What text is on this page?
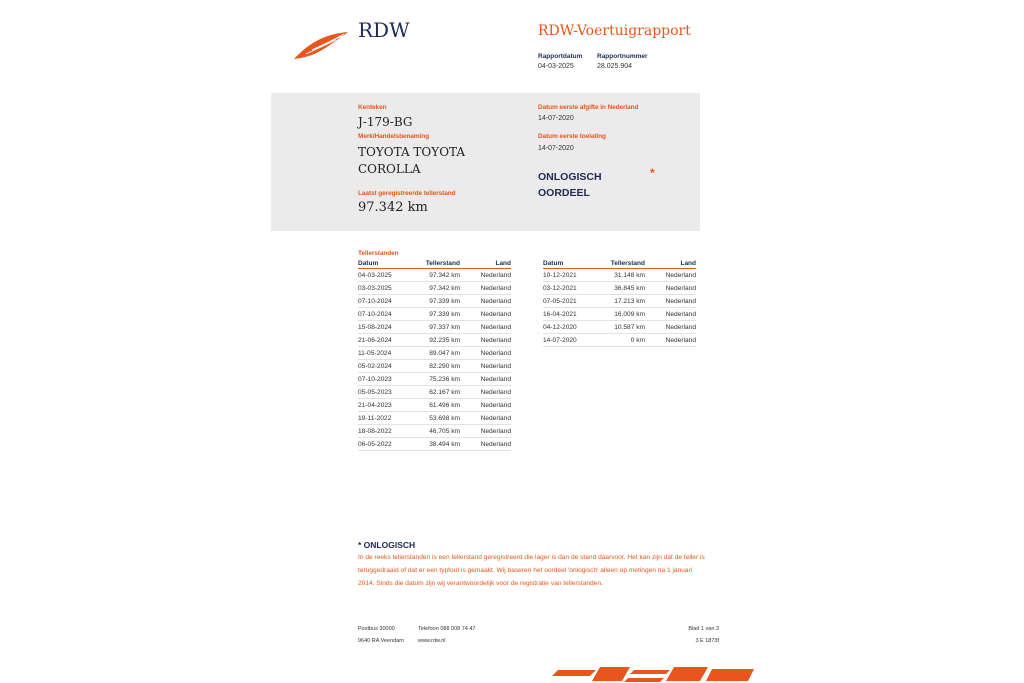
RDW	RDW-Voertuigrapport
Rapportdatum Rapportnummer
04-03-2025	28.025.904
Kenteken
J-179-BG
Merk/Handelsbenaming
TOYOTA TOYOTA
COROLLA
Laatst geregistreerde tellerstand
97.342 km
Datum eerste afgifte in Nederland
14-07-2020
Datum eerste toelating
14-07-2020
ONLOGISCH
OORDEEL
*
Tellerstanden
Datum	Tellerstand	Land
04-03-2025	97.342 km	Nederland
03-03-2025	97.342 km	Nederland
07-10-2024	97.339 km	Nederland
07-10-2024	97.339 km	Nederland
15-08-2024	97.337 km	Nederland
21-06-2024	92.235 km	Nederland
11-05-2024	89.047 km	Nederland
05-02-2024	82.290 km	Nederland
07-10-2023	75.236 km	Nederland
05-05-2023	62.167 km	Nederland
21-04-2023	61.496 km	Nederland
19-11-2022	53.698 km	Nederland
18-08-2022	46.705 km	Nederland
06-05-2022	38.494 km	Nederland
Datum	Tellerstand	Land
10-12-2021	31.148 km	Nederland
03-12-2021	36.845 km	Nederland
07-05-2021	17.213 km	Nederland
16-04-2021	16.009 km	Nederland
04-12-2020	10.587 km	Nederland
14-07-2020	0 km	Nederland
* ONLOGISCH
In de reeks tellerstanden is een tellerstand geregistreerd die lager is dan de stand daarvoor. Het kan zijn dat de teller is teruggedraaid of dat er een typfout is gemaakt. Wij baseren het oordeel 'onlogisch' alleen op metingen na 1 januari 2014. Sinds die datum zijn wij verantwoordelijk voor de registratie van tellerstanden.
Postbus 30000
9640 RA Veendam
Telefoon 088 008 74 47
www.rdw.nl
Blad 1 van 3
3 E 1873f
